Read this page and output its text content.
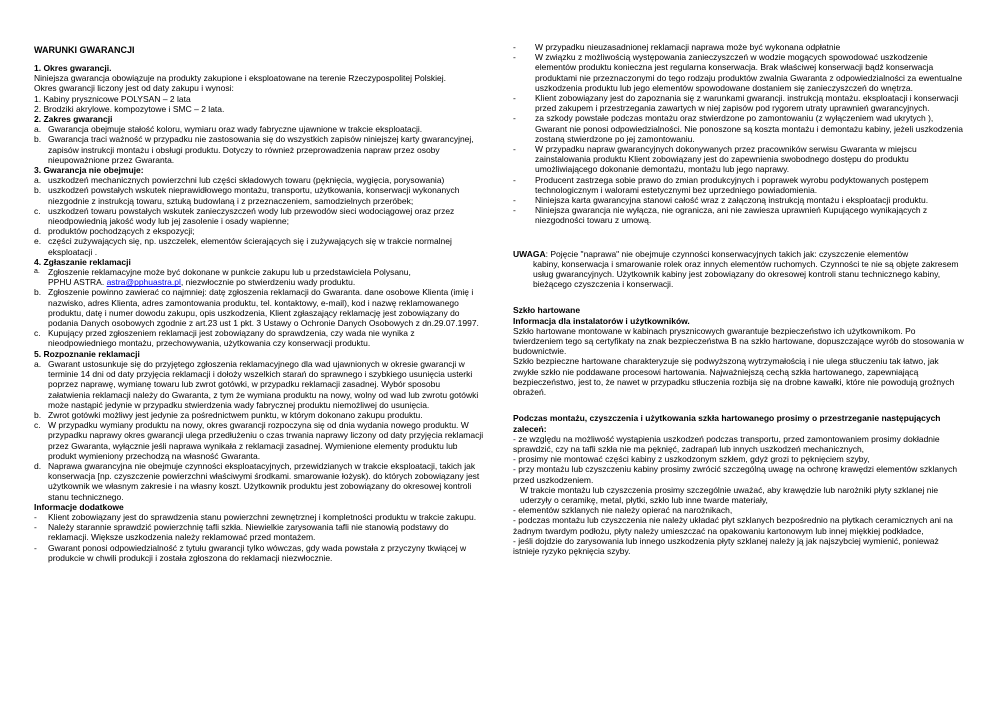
WARUNKI GWARANCJI

1. Okres gwarancji.

Niniejsza gwarancja obowiązuje na produkty zakupione i eksploatowane na terenie Rzeczypospolitej Polskiej.

Okres gwarancji liczony jest od daty zakupu i wynosi:

1. Kabiny prysznicowe POLYSAN – 2 lata

2. Brodziki akrylowe. kompozytowe i SMC – 2 lata.

2. Zakres gwarancji

a. Gwarancja obejmuje stałość koloru, wymiaru oraz wady fabryczne ujawnione w trakcie eksploatacji.
b. Gwarancja traci ważność w przypadku nie zastosowania się do wszystkich zapisów niniejszej karty gwarancyjnej, zapisów instrukcji montażu i obsługi produktu. Dotyczy to również przeprowadzenia napraw przez osoby nieupoważnione przez Gwaranta.

3. Gwarancja nie obejmuje:

a. uszkodzeń mechanicznych powierzchni lub części składowych towaru (pęknięcia, wygięcia, porysowania)
b. uszkodzeń powstałych wskutek nieprawidłowego montażu, transportu, użytkowania, konserwacji wykonanych niezgodnie z instrukcją towaru, sztuką budowlaną i z przeznaczeniem, samodzielnych przeróbek;
c. uszkodzeń towaru powstałych wskutek zanieczyszczeń wody lub przewodów sieci wodociągowej oraz przez nieodpowiednią jakość wody lub jej zasolenie i osady wapienne;
d. produktów pochodzących z ekspozycji;
e. części zużywających się, np. uszczelek, elementów ścierających się i zużywających się w trakcie normalnej eksploatacji .

4. Zgłaszanie reklamacji

a. Zgłoszenie reklamacyjne może być dokonane w punkcie zakupu lub u przedstawiciela Polysanu,

PPHU ASTRA. astra@pphuastra.pl, niezwłocznie po stwierdzeniu wady produktu.

b. Zgłoszenie powinno zawierać co najmniej: datę zgłoszenia reklamacji do Gwaranta. dane osobowe Klienta (imię i nazwisko, adres Klienta, adres zamontowania produktu, tel. kontaktowy, e-mail), kod i nazwę reklamowanego produktu, datę i numer dowodu zakupu, opis uszkodzenia, Klient zgłaszający reklamację jest zobowiązany do podania Danych osobowych zgodnie z art.23 ust 1 pkt. 3 Ustawy o Ochronie Danych Osobowych z dn.29.07.1997.
c. Kupujący przed zgłoszeniem reklamacji jest zobowiązany do sprawdzenia, czy wada nie wynika z nieodpowiedniego montażu, przechowywania, użytkowania czy konserwacji produktu.

5. Rozpoznanie reklamacji

a. Gwarant ustosunkuje się do przyjętego zgłoszenia reklamacyjnego dla wad ujawnionych w okresie gwarancji w terminie 14 dni od daty przyjęcia reklamacji i dołoży wszelkich starań do sprawnego i szybkiego usunięcia usterki poprzez naprawę, wymianę towaru lub zwrot gotówki, w przypadku reklamacji zasadnej. Wybór sposobu załatwienia reklamacji należy do Gwaranta, z tym że wymiana produktu na nowy, wolny od wad lub zwrotu gotówki może nastąpić jedynie w przypadku stwierdzenia wady fabrycznej produktu niemożliwej do usunięcia.
b. Zwrot gotówki możliwy jest jedynie za pośrednictwem punktu, w którym dokonano zakupu produktu.
c. W przypadku wymiany produktu na nowy, okres gwarancji rozpoczyna się od dnia wydania nowego produktu. W przypadku naprawy okres gwarancji ulega przedłużeniu o czas trwania naprawy liczony od daty przyjęcia reklamacji przez Gwaranta, wyłącznie jeśli naprawa wynikała z reklamacji zasadnej. Wymienione elementy produktu lub produkt wymieniony przechodzą na własność Gwaranta.
d. Naprawa gwarancyjna nie obejmuje czynności eksploatacyjnych, przewidzianych w trakcie eksploatacji, takich jak konserwacja [np. czyszczenie powierzchni właściwymi środkami. smarowanie łożysk). do których zobowiązany jest użytkownik we własnym zakresie i na własny koszt. Użytkownik produktu jest zobowiązany do okresowej kontroli stanu technicznego.

Informacje dodatkowe

-	Klient zobowiązany jest do sprawdzenia stanu powierzchni zewnętrznej i kompletności produktu w trakcie zakupu.
-	Należy starannie sprawdzić powierzchnię tafli szkła. Niewielkie zarysowania tafli nie stanowią podstawy do reklamacji. Większe uszkodzenia należy reklamować przed montażem.
-	Gwarant ponosi odpowiedzialność z tytułu gwarancji tylko wówczas, gdy wada powstała z przyczyny tkwiącej w produkcie w chwili produkcji i została zgłoszona do reklamacji niezwłocznie.
-	W przypadku nieuzasadnionej reklamacji naprawa może być wykonana odpłatnie
-	W związku z możliwością występowania zanieczyszczeń w wodzie mogących spowodować uszkodzenie elementów produktu konieczna jest regularna konserwacja. Brak właściwej konserwacji bądź konserwacja produktami nie przeznaczonymi do tego rodzaju produktów zwalnia Gwaranta z odpowiedzialności za ewentualne uszkodzenia produktu lub jego elementów spowodowane dostaniem się zanieczyszczeń do wnętrza.
-	Klient zobowiązany jest do zapoznania się z warunkami gwarancji. instrukcją montażu. eksploatacji i konserwacji przed zakupem i przestrzegania zawartych w niej zapisów pod rygorem utraty uprawnień gwarancyjnych.
-	za szkody powstałe podczas montażu oraz stwierdzone po zamontowaniu (z wyłączeniem wad ukrytych ), Gwarant nie ponosi odpowiedzialności. Nie ponoszone są koszta montażu i demontażu kabiny, jeżeli uszkodzenia zostaną stwierdzone po jej zamontowaniu.
-	W przypadku napraw gwarancyjnych dokonywanych przez pracowników serwisu Gwaranta w miejscu zainstalowania produktu Klient zobowiązany jest do zapewnienia swobodnego dostępu do produktu umożliwiającego dokonanie demontażu, montażu lub jego naprawy.
-	Producent zastrzega sobie prawo do zmian produkcyjnych i poprawek wyrobu podyktowanych postępem technologicznym i walorami estetycznymi bez uprzedniego powiadomienia.
-	Niniejsza karta gwarancyjna stanowi całość wraz z załączoną instrukcją montażu i eksploatacji produktu.
-	Niniejsza gwarancja nie wyłącza, nie ogranicza, ani nie zawiesza uprawnień Kupującego wynikających z niezgodności towaru z umową.

UWAGA: Pojęcie "naprawa" nie obejmuje czynności konserwacyjnych takich jak: czyszczenie elementów

kabiny, konserwacja i smarowanie rolek oraz innych elementów ruchomych. Czynności te nie są objęte zakresem usług gwarancyjnych. Użytkownik kabiny jest zobowiązany do okresowej kontroli stanu technicznego kabiny, bieżącego czyszczenia i konserwacji.

Szkło hartowane

Informacja dla instalatorów i użytkowników.

Szkło hartowane montowane w kabinach prysznicowych gwarantuje bezpieczeństwo ich użytkownikom. Po twierdzeniem tego są certyfikaty na znak bezpieczeństwa B na szkło hartowane, dopuszczające wyrób do stosowania w budownictwie.

Szkło bezpieczne hartowane charakteryzuje się podwyższoną wytrzymałością i nie ulega stłuczeniu tak łatwo, jak zwykłe szkło nie poddawane procesowi hartowania. Najważniejszą cechą szkła hartowanego, zapewniającą bezpieczeństwo, jest to, że nawet w przypadku stłuczenia rozbija się na drobne kawałki, które nie powodują groźnych obrażeń.

Podczas montażu, czyszczenia i użytkowania szkła hartowanego prosimy o przestrzeganie następujących zaleceń:

- ze względu na możliwość wystąpienia uszkodzeń podczas transportu, przed zamontowaniem prosimy dokładnie sprawdzić, czy na tafli szkła nie ma pęknięć, zadrapań lub innych uszkodzeń mechanicznych,

- prosimy nie montować części kabiny z uszkodzonym szkłem, gdyż grozi to pęknięciem szyby,

- przy montażu lub czyszczeniu kabiny prosimy zwrócić szczególną uwagę na ochronę krawędzi elementów szklanych przed uszkodzeniem.

W trakcie montażu lub czyszczenia prosimy szczególnie uważać, aby krawędzie lub narożniki płyty szklanej nie uderzyły o ceramikę, metal, płytki, szkło lub inne twarde materiały,

- elementów szklanych nie należy opierać na narożnikach,

- podczas montażu lub czyszczenia nie należy układać płyt szklanych bezpośrednio na płytkach ceramicznych ani na żadnym twardym podłożu, płyty należy umieszczać na opakowaniu kartonowym lub innej miękkiej podkładce,

- jeśli dojdzie do zarysowania lub innego uszkodzenia płyty szklanej należy ją jak najszybciej wymienić, ponieważ istnieje ryzyko pęknięcia szyby.
